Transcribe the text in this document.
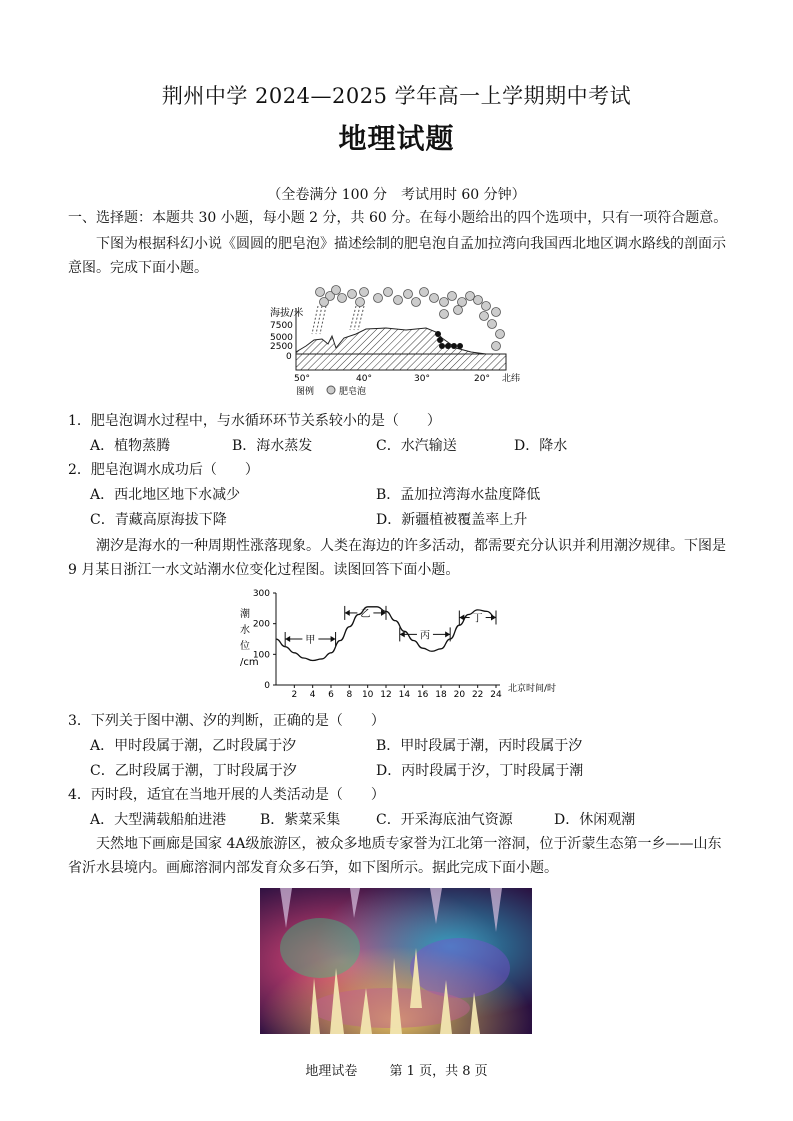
荆州中学 2024—2025 学年高一上学期期中考试
地理试题
（全卷满分 100 分　考试用时 60 分钟）
一、选择题：本题共 30 小题，每小题 2 分，共 60 分。在每小题给出的四个选项中，只有一项符合题意。
下图为根据科幻小说《圆圆的肥皂泡》描述绘制的肥皂泡自孟加拉湾向我国西北地区调水路线的剖面示意图。完成下面小题。
海拔/米
7500
5000
2500
0
50°	40°	30°	20° 北纬
图例	肥皂泡
1．肥皂泡调水过程中，与水循环环节关系较小的是（　　）
A．植物蒸腾	B．海水蒸发	C．水汽输送	D．降水
2．肥皂泡调水成功后（　　）
A．西北地区地下水减少	B．孟加拉湾海水盐度降低
C．青藏高原海拔下降	D．新疆植被覆盖率上升
潮汐是海水的一种周期性涨落现象。人类在海边的许多活动，都需要充分认识并利用潮汐规律。下图是 9 月某日浙江一水文站潮水位变化过程图。读图回答下面小题。
潮
水
位
/cm
0
100
200
300
2 4 6 8 10 12 14 16 18 20 22 24
甲
乙
丙
丁
北京时间/时
3．下列关于图中潮、汐的判断，正确的是（　　）
A．甲时段属于潮，乙时段属于汐	B．甲时段属于潮，丙时段属于汐
C．乙时段属于潮，丁时段属于汐	D．丙时段属于汐，丁时段属于潮
4．丙时段，适宜在当地开展的人类活动是（　　）
A．大型满载船舶进港 B．紫菜采集	C．开采海底油气资源	D．休闲观潮
天然地下画廊是国家 4A级旅游区，被众多地质专家誉为江北第一溶洞，位于沂蒙生态第一乡——山东省沂水县境内。画廊溶洞内部发育众多石笋，如下图所示。据此完成下面小题。
地理试卷 第 1 页，共 8 页
